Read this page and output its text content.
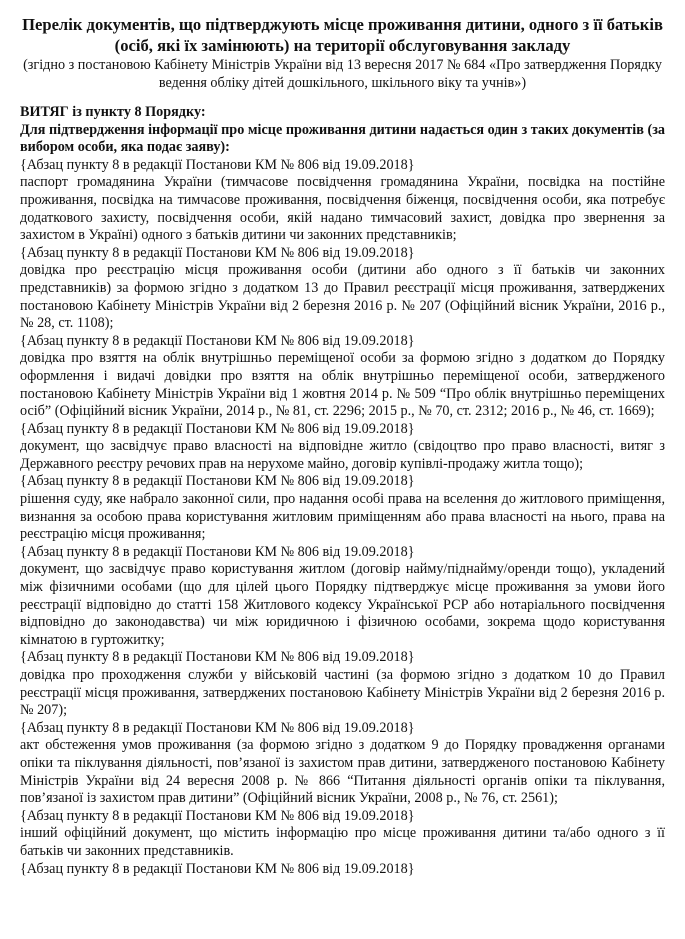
Перелік документів, що підтверджують місце проживання дитини, одного з її батьків (осіб, які їх замінюють) на території обслуговування закладу
(згідно з постановою Кабінету Міністрів України від 13 вересня 2017 № 684 «Про затвердження Порядку ведення обліку дітей дошкільного, шкільного віку та учнів»)
ВИТЯГ із пункту 8 Порядку:
Для підтвердження інформації про місце проживання дитини надається один з таких документів (за вибором особи, яка подає заяву):
{Абзац пункту 8 в редакції Постанови КМ № 806 від 19.09.2018}
паспорт громадянина України (тимчасове посвідчення громадянина України, посвідка на постійне проживання, посвідка на тимчасове проживання, посвідчення біженця, посвідчення особи, яка потребує додаткового захисту, посвідчення особи, якій надано тимчасовий захист, довідка про звернення за захистом в Україні) одного з батьків дитини чи законних представників;
{Абзац пункту 8 в редакції Постанови КМ № 806 від 19.09.2018}
довідка про реєстрацію місця проживання особи (дитини або одного з її батьків чи законних представників) за формою згідно з додатком 13 до Правил реєстрації місця проживання, затверджених постановою Кабінету Міністрів України від 2 березня 2016 р. № 207 (Офіційний вісник України, 2016 р., № 28, ст. 1108);
{Абзац пункту 8 в редакції Постанови КМ № 806 від 19.09.2018}
довідка про взяття на облік внутрішньо переміщеної особи за формою згідно з додатком до Порядку оформлення і видачі довідки про взяття на облік внутрішньо переміщеної особи, затвердженого постановою Кабінету Міністрів України від 1 жовтня 2014 р. № 509 “Про облік внутрішньо переміщених осіб” (Офіційний вісник України, 2014 р., № 81, ст. 2296; 2015 р., № 70, ст. 2312; 2016 р., № 46, ст. 1669);
{Абзац пункту 8 в редакції Постанови КМ № 806 від 19.09.2018}
документ, що засвідчує право власності на відповідне житло (свідоцтво про право власності, витяг з Державного реєстру речових прав на нерухоме майно, договір купівлі-продажу житла тощо);
{Абзац пункту 8 в редакції Постанови КМ № 806 від 19.09.2018}
рішення суду, яке набрало законної сили, про надання особі права на вселення до житлового приміщення, визнання за особою права користування житловим приміщенням або права власності на нього, права на реєстрацію місця проживання;
{Абзац пункту 8 в редакції Постанови КМ № 806 від 19.09.2018}
документ, що засвідчує право користування житлом (договір найму/піднайму/оренди тощо), укладений між фізичними особами (що для цілей цього Порядку підтверджує місце проживання за умови його реєстрації відповідно до статті 158 Житлового кодексу Української РСР або нотаріального посвідчення відповідно до законодавства) чи між юридичною і фізичною особами, зокрема щодо користування кімнатою в гуртожитку;
{Абзац пункту 8 в редакції Постанови КМ № 806 від 19.09.2018}
довідка про проходження служби у військовій частині (за формою згідно з додатком 10 до Правил реєстрації місця проживання, затверджених постановою Кабінету Міністрів України від 2 березня 2016 р. № 207);
{Абзац пункту 8 в редакції Постанови КМ № 806 від 19.09.2018}
акт обстеження умов проживання (за формою згідно з додатком 9 до Порядку провадження органами опіки та піклування діяльності, пов’язаної із захистом прав дитини, затвердженого постановою Кабінету Міністрів України від 24 вересня 2008 р. № 866 “Питання діяльності органів опіки та піклування, пов’язаної із захистом прав дитини” (Офіційний вісник України, 2008 р., № 76, ст. 2561);
{Абзац пункту 8 в редакції Постанови КМ № 806 від 19.09.2018}
інший офіційний документ, що містить інформацію про місце проживання дитини та/або одного з її батьків чи законних представників.
{Абзац пункту 8 в редакції Постанови КМ № 806 від 19.09.2018}
